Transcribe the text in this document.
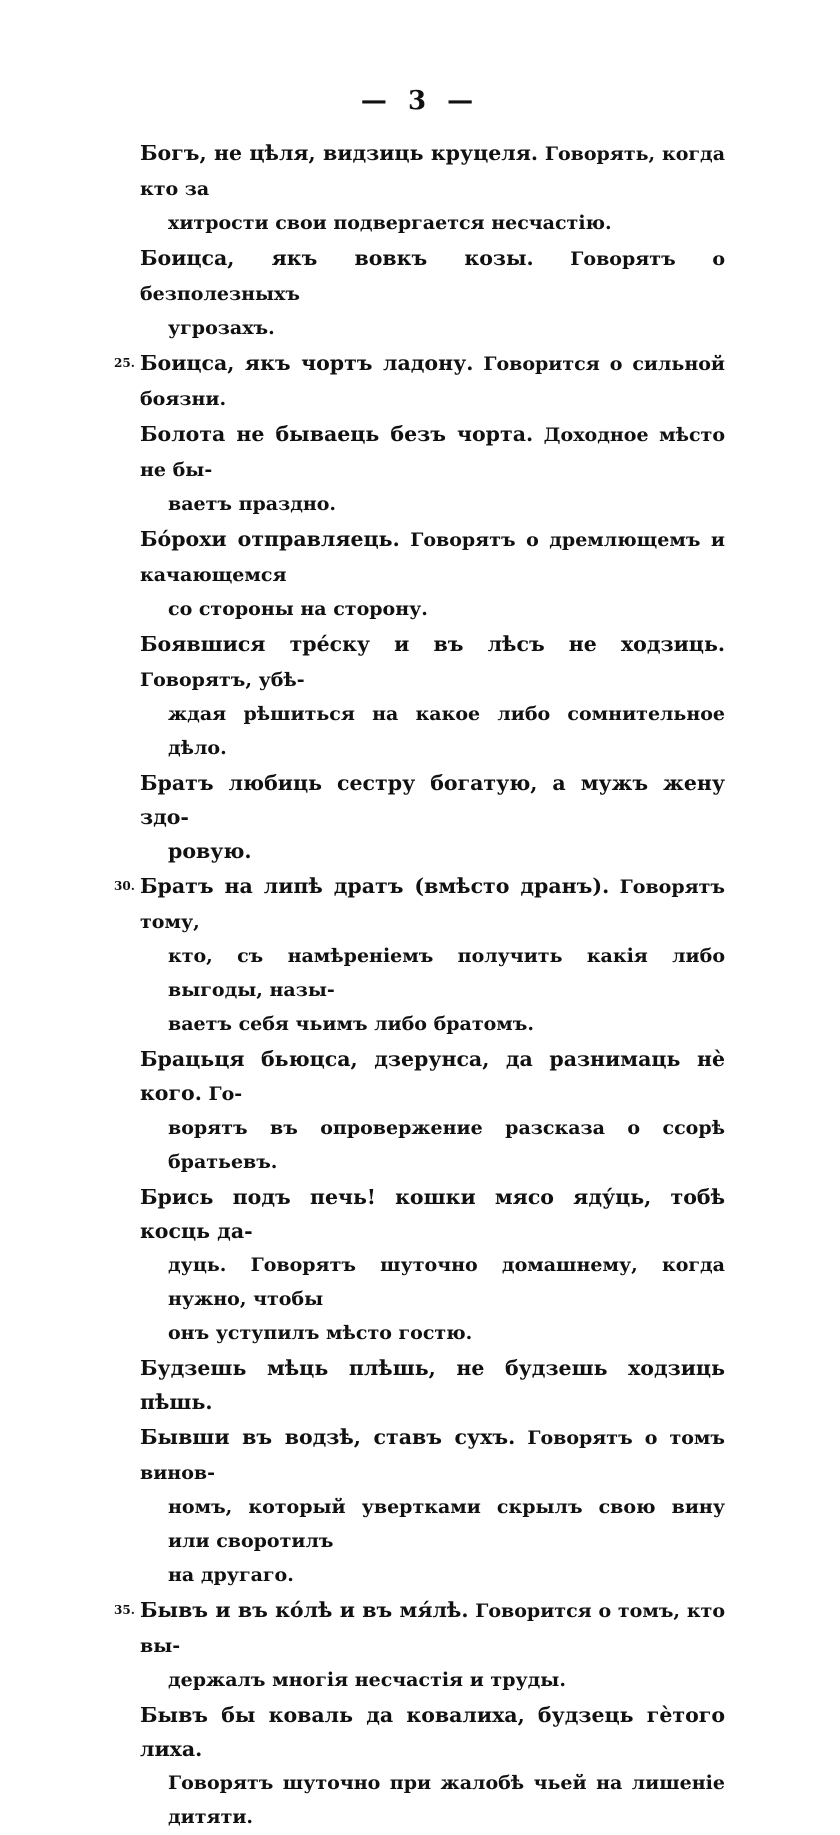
— 3 —
Богъ, не цѣля, видзиць круцеля. Говорять, когда кто за
хитрости свои подвергается несчастію.
Боицса, якъ вовкъ козы. Говорятъ о безполезныхъ
угрозахъ.
25. Боицса, якъ чортъ ладону. Говорится о сильной боязни.
Болота не бываець безъ чорта. Доходное мѣсто не бы-
ваетъ праздно.
Бо́рохи отправляець. Говорятъ о дремлющемъ и качающемся
со стороны на сторону.
Боявшися тре́ску и въ лѣсъ не ходзиць. Говорятъ, убѣ-
ждая рѣшиться на какое либо сомнительное дѣло.
Братъ любиць сестру богатую, а мужъ жену здо-
ровую.
30. Братъ на липѣ дратъ (вмѣсто дранъ). Говорятъ тому,
кто, съ намѣреніемъ получить какія либо выгоды, назы-
ваетъ себя чьимъ либо братомъ.
Брацьця бьюцса, дзерунса, да разнимаць нѐ кого. Го-
ворятъ въ опровержение разсказа о ссорѣ братьевъ.
Брись подъ печь! кошки мясо яду́ць, тобѣ косць да-
дуць. Говорятъ шуточно домашнему, когда нужно, чтобы
онъ уступилъ мѣсто гостю.
Будзешь мѣць плѣшь, не будзешь ходзиць пѣшь.
Бывши въ водзѣ, ставъ сухъ. Говорятъ о томъ винов-
номъ, который увертками скрылъ свою вину или своротилъ
на другаго.
35. Бывъ и въ ко́лѣ и въ мя́лѣ. Говорится о томъ, кто вы-
держалъ многія несчастія и труды.
Бывъ бы коваль да ковалиха, будзець гѐтого лиха.
Говорятъ шуточно при жалобѣ чьей на лишеніе дитяти.
